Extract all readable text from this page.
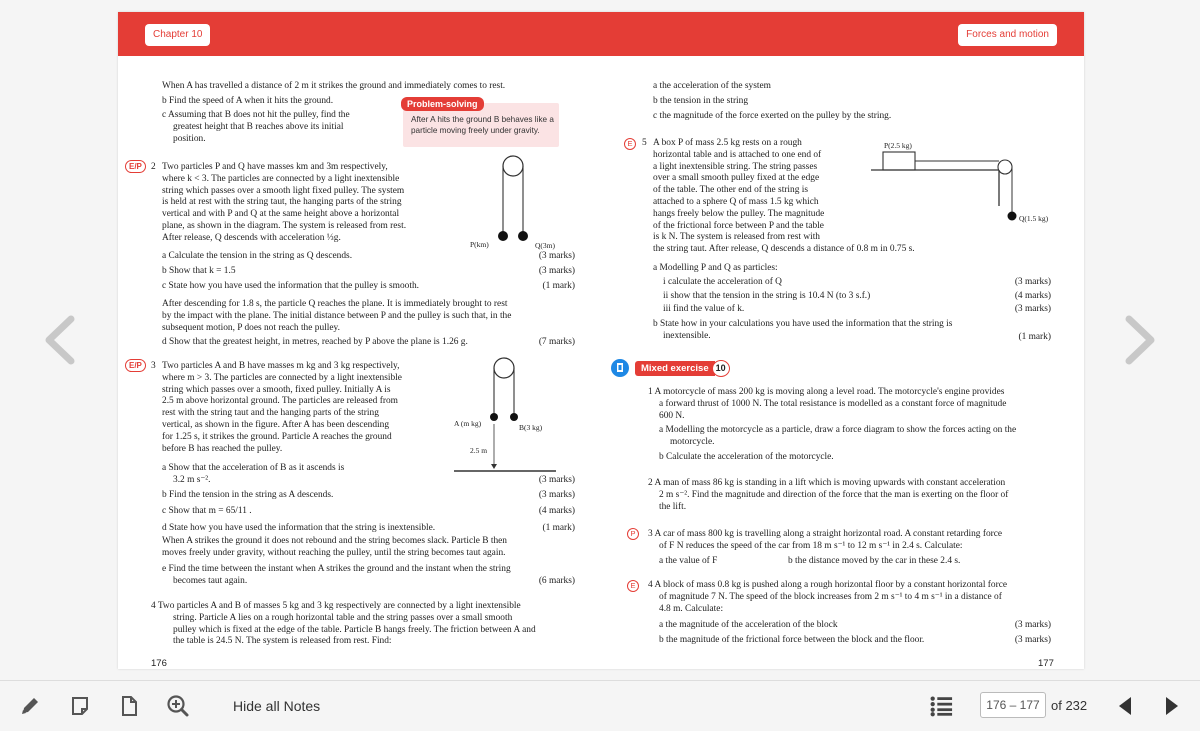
Chapter 10	Forces and motion
When A has travelled a distance of 2 m it strikes the ground and immediately comes to rest.
b Find the speed of A when it hits the ground.
c Assuming that B does not hit the pulley, find the
greatest height that B reaches above its initial
position.
Problem-solving
After A hits the ground B behaves like a particle moving freely under gravity.
E/P 2 Two particles P and Q have masses km and 3m respectively,
where k < 3. The particles are connected by a light inextensible
string which passes over a smooth light fixed pulley. The system
is held at rest with the string taut, the hanging parts of the string
vertical and with P and Q at the same height above a horizontal
plane, as shown in the diagram. The system is released from rest.
After release, Q descends with acceleration ⅓g.
P(km)	Q(3m)
a Calculate the tension in the string as Q descends.	(3 marks)
b Show that k = 1.5	(3 marks)
c State how you have used the information that the pulley is smooth.	(1 mark)
After descending for 1.8 s, the particle Q reaches the plane. It is immediately brought to rest
by the impact with the plane. The initial distance between P and the pulley is such that, in the
subsequent motion, P does not reach the pulley.
d Show that the greatest height, in metres, reached by P above the plane is 1.26 g.	(7 marks)
E/P 3 Two particles A and B have masses m kg and 3 kg respectively,
where m > 3. The particles are connected by a light inextensible
string which passes over a smooth, fixed pulley. Initially A is
2.5 m above horizontal ground. The particles are released from
rest with the string taut and the hanging parts of the string
vertical, as shown in the figure. After A has been descending
for 1.25 s, it strikes the ground. Particle A reaches the ground
before B has reached the pulley.
A (m kg)	B(3 kg)
2.5 m
a Show that the acceleration of B as it ascends is
3.2 m s⁻².	(3 marks)
b Find the tension in the string as A descends.	(3 marks)
c Show that m = 65/11 .	(4 marks)
d State how you have used the information that the string is inextensible.	(1 mark)
When A strikes the ground it does not rebound and the string becomes slack. Particle B then
moves freely under gravity, without reaching the pulley, until the string becomes taut again.
e Find the time between the instant when A strikes the ground and the instant when the string
becomes taut again.	(6 marks)
4 Two particles A and B of masses 5 kg and 3 kg respectively are connected by a light inextensible
string. Particle A lies on a rough horizontal table and the string passes over a small smooth
pulley which is fixed at the edge of the table. Particle B hangs freely. The friction between A and
the table is 24.5 N. The system is released from rest. Find:
176
a the acceleration of the system
b the tension in the string
c the magnitude of the force exerted on the pulley by the string.
E	5 A box P of mass 2.5 kg rests on a rough
horizontal table and is attached to one end of
a light inextensible string. The string passes
over a small smooth pulley fixed at the edge
of the table. The other end of the string is
attached to a sphere Q of mass 1.5 kg which
hangs freely below the pulley. The magnitude
of the frictional force between P and the table
is k N. The system is released from rest with
the string taut. After release, Q descends a distance of 0.8 m in 0.75 s.
P(2.5 kg)
Q(1.5 kg)
a Modelling P and Q as particles:
i calculate the acceleration of Q	(3 marks)
ii show that the tension in the string is 10.4 N (to 3 s.f.)	(4 marks)
iii find the value of k.	(3 marks)
b State how in your calculations you have used the information that the string is
inextensible.	(1 mark)
Mixed exercise 10
1 A motorcycle of mass 200 kg is moving along a level road. The motorcycle's engine provides
a forward thrust of 1000 N. The total resistance is modelled as a constant force of magnitude
600 N.
a Modelling the motorcycle as a particle, draw a force diagram to show the forces acting on the
motorcycle.
b Calculate the acceleration of the motorcycle.
2 A man of mass 86 kg is standing in a lift which is moving upwards with constant acceleration
2 m s⁻². Find the magnitude and direction of the force that the man is exerting on the floor of
the lift.
P	3 A car of mass 800 kg is travelling along a straight horizontal road. A constant retarding force
of F N reduces the speed of the car from 18 m s⁻¹ to 12 m s⁻¹ in 2.4 s. Calculate:
a the value of F	b the distance moved by the car in these 2.4 s.
E	4 A block of mass 0.8 kg is pushed along a rough horizontal floor by a constant horizontal force
of magnitude 7 N. The speed of the block increases from 2 m s⁻¹ to 4 m s⁻¹ in a distance of
4.8 m. Calculate:
a the magnitude of the acceleration of the block	(3 marks)
b the magnitude of the frictional force between the block and the floor.	(3 marks)
177
Hide all Notes	176 – 177 of 232
